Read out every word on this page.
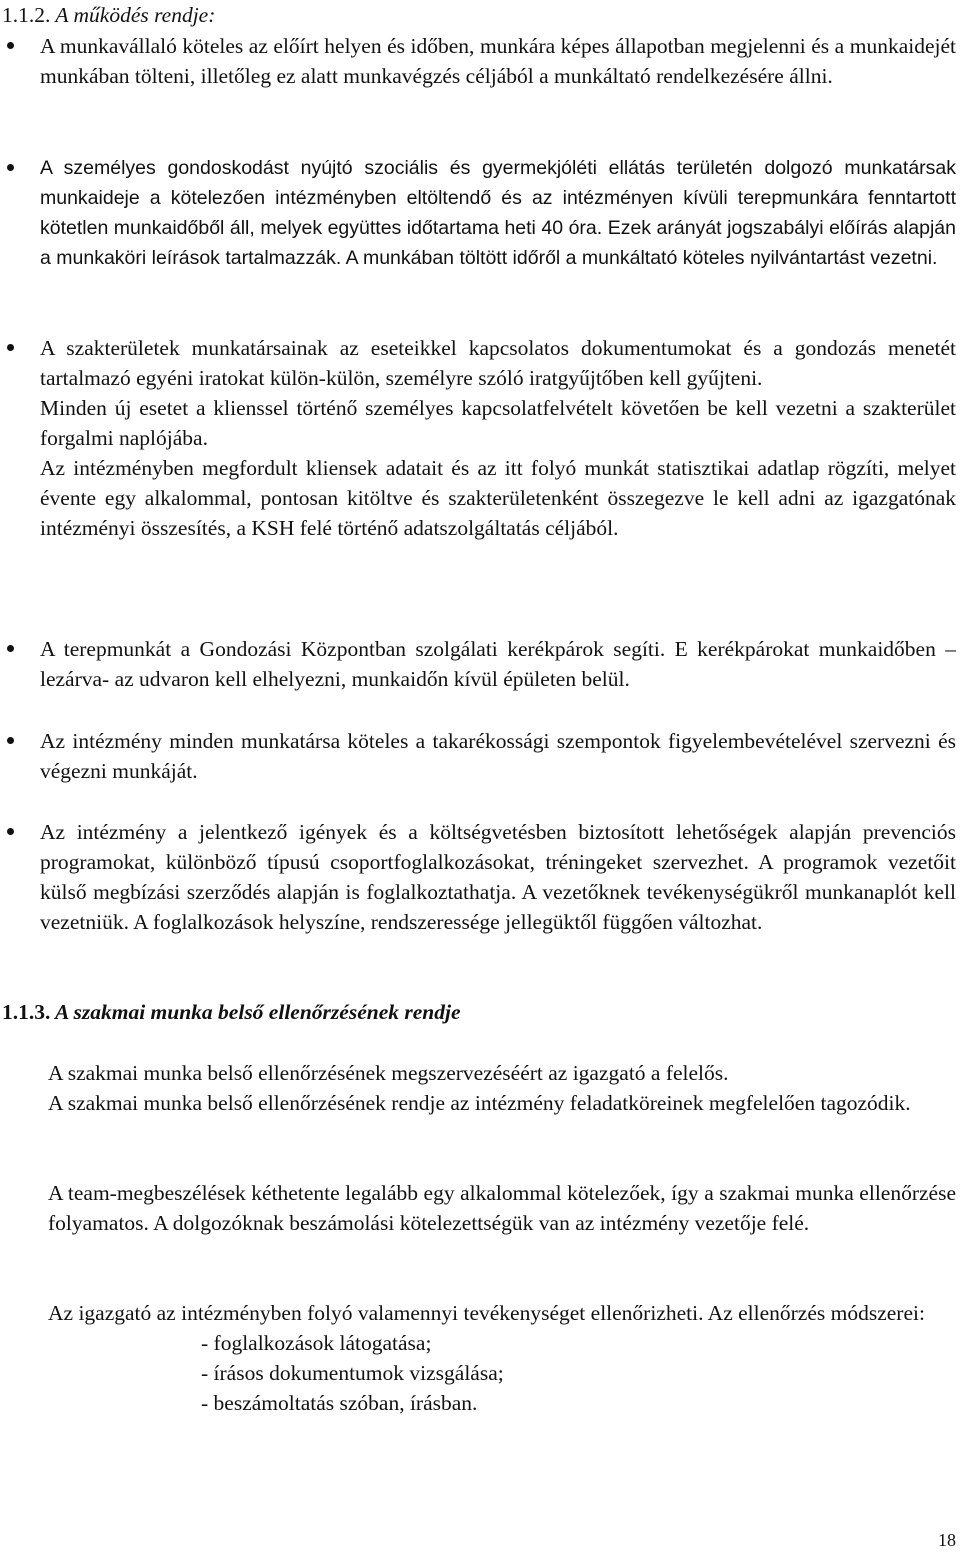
1.1.2. A működés rendje:

A munkavállaló köteles az előírt helyen és időben, munkára képes állapotban megjelenni és a munkaidejét munkában tölteni, illetőleg ez alatt munkavégzés céljából a munkáltató rendelkezésére állni.

A személyes gondoskodást nyújtó szociális és gyermekjóléti ellátás területén dolgozó munkatársak munkaideje a kötelezően intézményben eltöltendő és az intézményen kívüli terepmunkára fenntartott kötetlen munkaidőből áll, melyek együttes időtartama heti 40 óra. Ezek arányát jogszabályi előírás alapján a munkaköri leírások tartalmazzák. A munkában töltött időről a munkáltató köteles nyilvántartást vezetni.

A szakterületek munkatársainak az eseteikkel kapcsolatos dokumentumokat és a gondozás menetét tartalmazó egyéni iratokat külön-külön, személyre szóló iratgyűjtőben kell gyűjteni.

Minden új esetet a klienssel történő személyes kapcsolatfelvételt követően be kell vezetni a szakterület forgalmi naplójába.

Az intézményben megfordult kliensek adatait és az itt folyó munkát statisztikai adatlap rögzíti, melyet évente egy alkalommal, pontosan kitöltve és szakterületenként összegezve le kell adni az igazgatónak intézményi összesítés, a KSH felé történő adatszolgáltatás céljából.

A terepmunkát a Gondozási Központban szolgálati kerékpárok segíti. E kerékpárokat munkaidőben – lezárva- az udvaron kell elhelyezni, munkaidőn kívül épületen belül.

Az intézmény minden munkatársa köteles a takarékossági szempontok figyelembevételével szervezni és végezni munkáját.

Az intézmény a jelentkező igények és a költségvetésben biztosított lehetőségek alapján prevenciós programokat, különböző típusú csoportfoglalkozásokat, tréningeket szervezhet. A programok vezetőit külső megbízási szerződés alapján is foglalkoztathatja. A vezetőknek tevékenységükről munkanaplót kell vezetniük. A foglalkozások helyszíne, rendszeressége jellegüktől függően változhat.

1.1.3. A szakmai munka belső ellenőrzésének rendje

A szakmai munka belső ellenőrzésének megszervezéséért az igazgató a felelős.

A szakmai munka belső ellenőrzésének rendje az intézmény feladatköreinek megfelelően tagozódik.

A team-megbeszélések kéthetente legalább egy alkalommal kötelezőek, így a szakmai munka ellenőrzése folyamatos. A dolgozóknak beszámolási kötelezettségük van az intézmény vezetője felé.

Az igazgató az intézményben folyó valamennyi tevékenységet ellenőrizheti. Az ellenőrzés módszerei:

- foglalkozások látogatása;
- írásos dokumentumok vizsgálása;
- beszámoltatás szóban, írásban.
18
